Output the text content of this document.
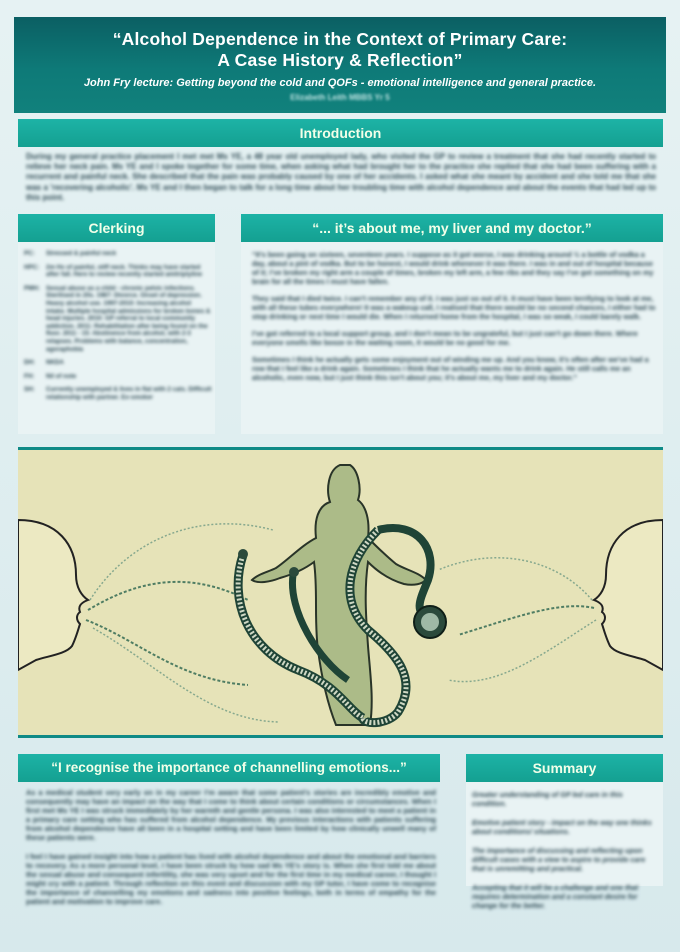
“Alcohol Dependence in the Context of Primary Care:
A Case History & Reflection”
John Fry lecture: Getting beyond the cold and QOFs - emotional intelligence and general practice.
Elizabeth Leith MBBS Yr 5
Introduction
During my general practice placement I met met Ms YE, a 48 year old unemployed lady, who visited the GP to review a treatment that she had recently started to relieve her neck pain. Ms YE and I spoke together for some time, when asking what had brought her to the practice she replied that she had been suffering with a recurrent and painful neck. She described that the pain was probably caused by one of her accidents. I asked what she meant by accident and she told me that she was a 'recovering alcoholic'. Ms YE and I then began to talk for a long time about her troubling time with alcohol dependence and about the events that had led up to this point.
Clerking
PC:	Stressed & painful neck
HPC:	2m Hx of painful, stiff neck. Thinks may have started after fall. Here to review recently started amitriptyline
PMH: Sexual abuse as a child - chronic pelvic infections. Sterilised in 20s. 1987: Divorce. Onset of depression. Heavy alcohol use. 1997-2010: Increasing alcohol intake. Multiple hospital admissions for broken bones & head injuries. 2010: GP referral to local community addiction. 2011: Rehabilitation after being found on the floor. 2011 - 15: Abstinence from alcohol, with 2-3 relapses. Problems with balance, concentration, agoraphobia
DH:	NKDA
FH:	Nil of note
SH:	Currently unemployed & lives in flat with 2 cats. Difficult relationship with partner. Ex-smoker
“... it’s about me, my liver and my doctor.”
“It’s been going on sixteen, seventeen years. I suppose as it got worse, I was drinking around ½ a bottle of vodka a day, about a pint of vodka. But to be honest, I would drink whenever it was there. I was in and out of hospital because of it; I’ve broken my right arm a couple of times, broken my left arm, a few ribs and they say I’ve got something on my brain for all the times I must have fallen.
They said that I died twice. I can’t remember any of it. I was just so out of it. It must have been terrifying to look at me, with all these tubes everywhere! It was a wakeup call, I realised that there would be no second chances, I either had to stop drinking or next time I would die. When I returned home from the hospital, I was so weak, I could barely walk.
I’ve got referred to a local support group, and I don’t mean to be ungrateful, but I just can’t go down there. Where everyone smells like booze in the waiting room, it would be no good for me.
Sometimes I think he actually gets some enjoyment out of winding me up. And you know, it’s often after we’ve had a row that I feel like a drink again. Sometimes I think that he actually wants me to drink again. He still calls me an alcoholic, even now, but I just think this isn’t about you; it’s about me, my liver and my doctor.”
“I recognise the importance of channelling emotions...”
As a medical student very early on in my career I’m aware that some patient’s stories are incredibly emotive and consequently may have an impact on the way that I come to think about certain conditions or circumstances. When I first met Ms YE I was struck immediately by her warmth and gentle persona. I was also interested to meet a patient in a primary care setting who has suffered from alcohol dependence. My previous interactions with patients suffering from alcohol dependence have all been in a hospital setting and have been limited by how clinically unwell many of these patients were.
I feel I have gained insight into how a patient has lived with alcohol dependence and about the emotional and barriers to recovery. As a more personal level, I have been struck by how sad Ms YE’s story is. When she first told me about the sexual abuse and consequent infertility, she was very upset and for the first time in my medical career, I thought I might cry with a patient. Through reflection on this event and discussion with my GP tutor, I have come to recognise the importance of channelling my emotions and sadness into positive feelings, both in terms of empathy for the patient and motivation to improve care.
Summary
Greater understanding of GP led care in this condition.
Emotive patient story - impact on the way one thinks about conditions/ situations.
The importance of discussing and reflecting upon difficult cases with a view to aspire to provide care that is unremitting and practical.
Accepting that it will be a challenge and one that requires determination and a constant desire for change for the better.
